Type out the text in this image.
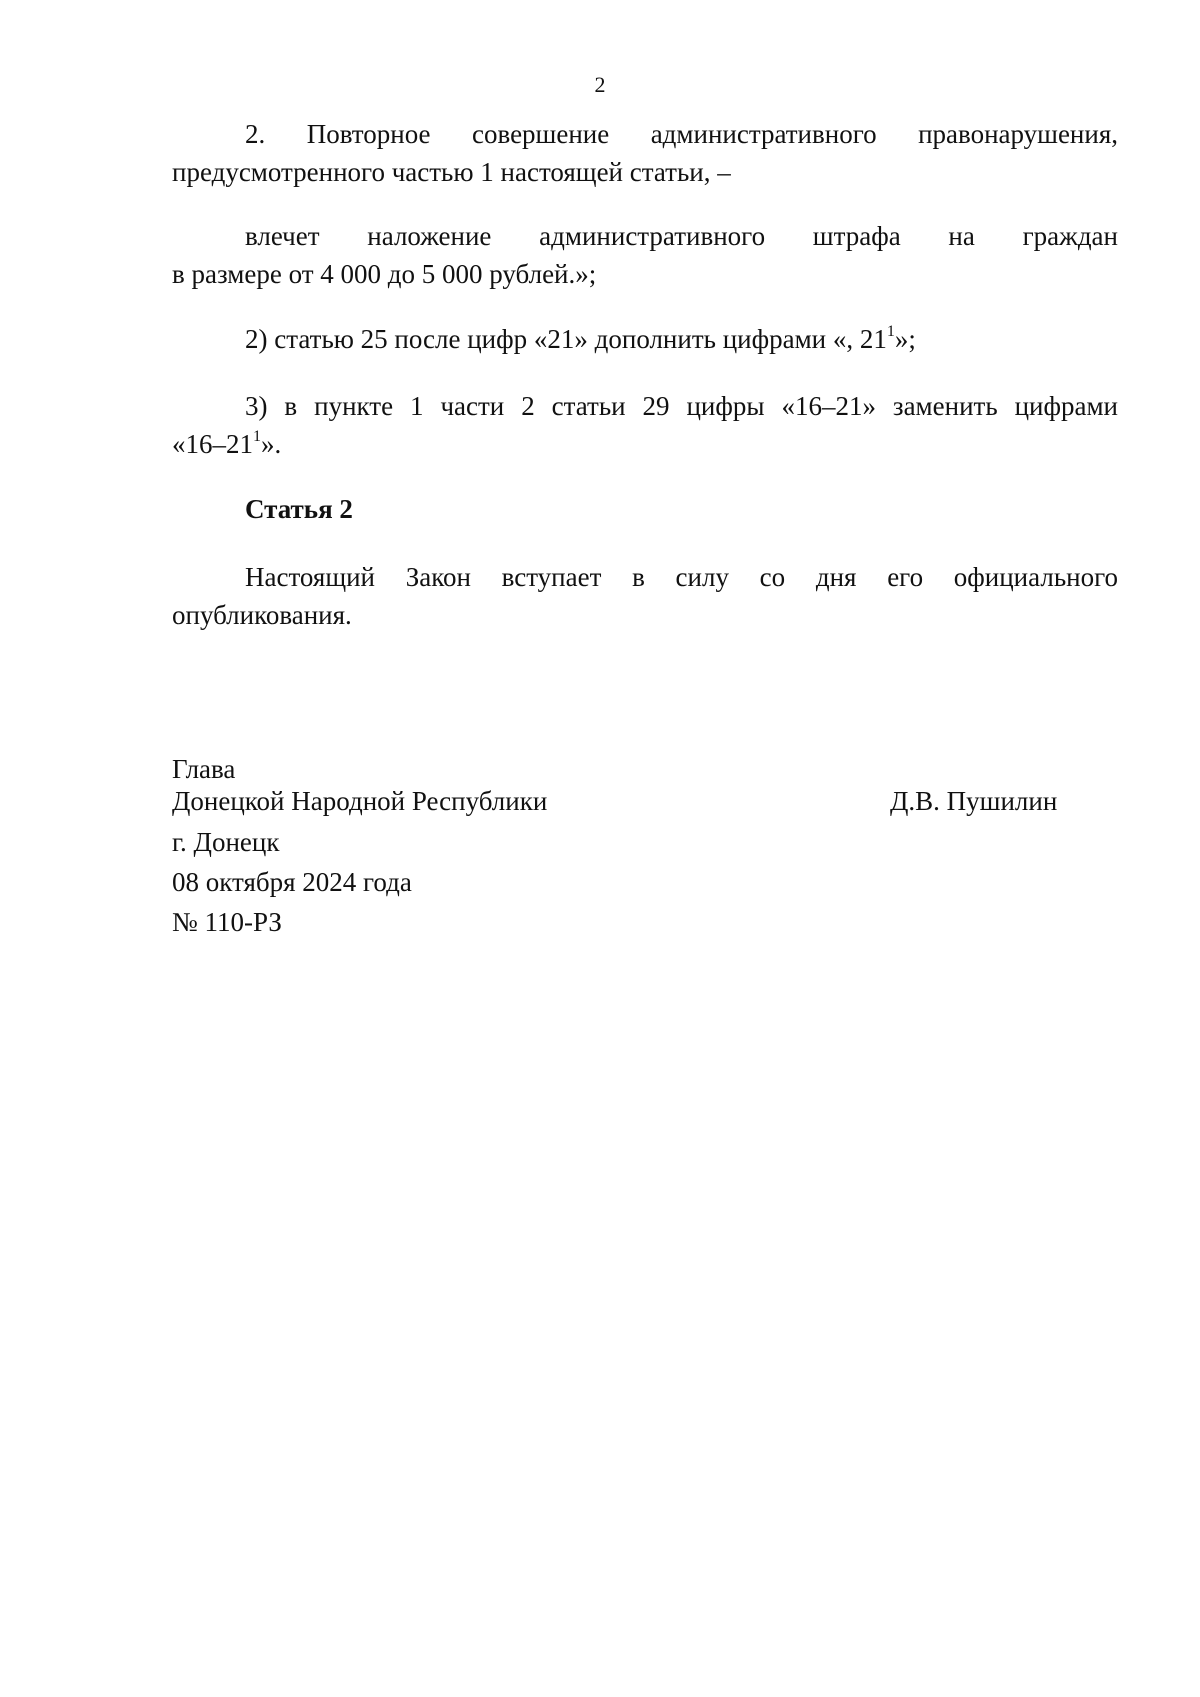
2
2. Повторное совершение административного правонарушения,
предусмотренного частью 1 настоящей статьи, –
влечет наложение административного штрафа на граждан
в размере от 4 000 до 5 000 рублей.»;
2) статью 25 после цифр «21» дополнить цифрами «, $21^1$»;
3) в пункте 1 части 2 статьи 29 цифры «16–21» заменить цифрами
«$16-21^1$».
Статья 2
Настоящий Закон вступает в силу со дня его официального
опубликования.
Глава
Донецкой Народной Республики	Д.В. Пушилин
г. Донецк
08 октября 2024 года
№ 110-РЗ
